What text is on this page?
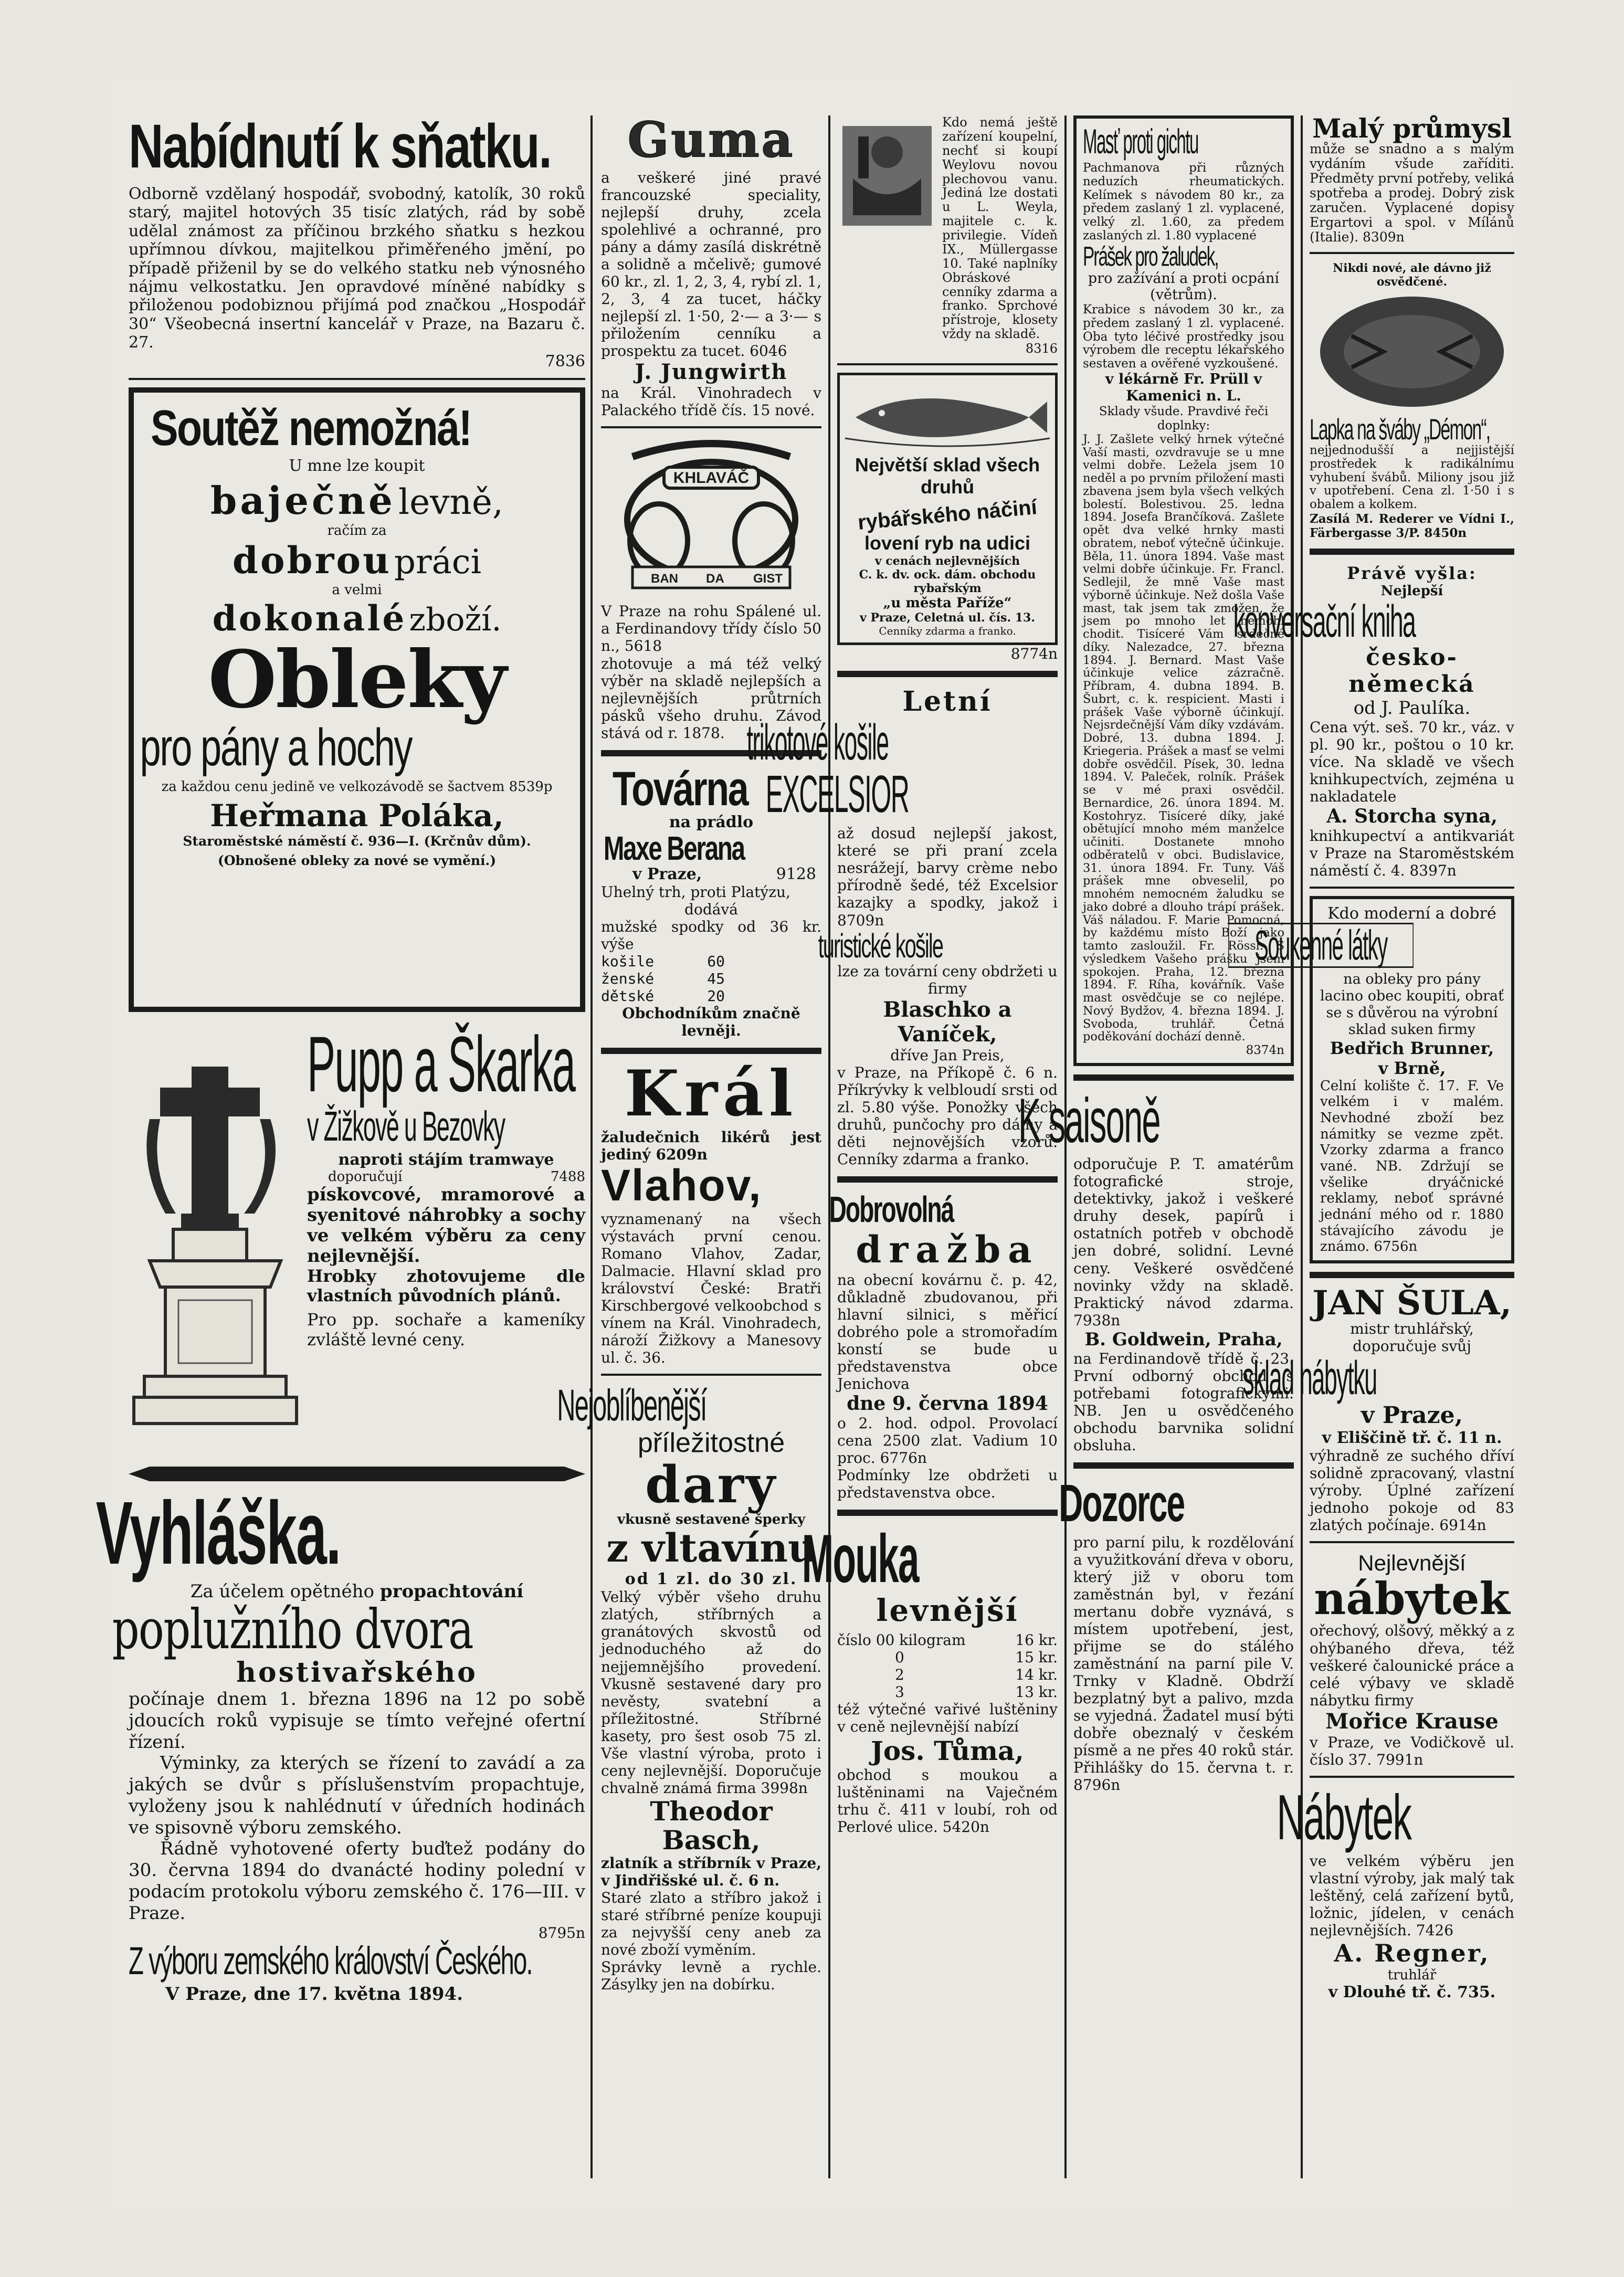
Nabídnutí k sňatku.

Odborně vzdělaný hospodář, svobodný, katolík, 30 roků starý, majitel hotových 35 tisíc zlatých, rád by sobě udělal známost za příčinou brzkého sňatku s hezkou upřímnou dívkou, majitelkou přiměřeného jmění, po případě přiženil by se do velkého statku neb výnosného nájmu velkostatku. Jen opravdové míněné nabídky s přiloženou podobiznou přijímá pod značkou „Hospodář 30“ Všeobecná insertní kancelář v Praze, na Bazaru č. 27.

7836

Soutěž nemožná!
U mne lze koupit
baječně levně,
račím za
dobrou práci
a velmi
dokonalé zboží.
Obleky
pro pány a hochy
za každou cenu jedině ve velkozávodě se šactvem 8539p
Heřmana Poláka,
Staroměstské náměstí č. 936—I. (Krčnův dům).
(Obnošené obleky za nové se vymění.)
Pupp a Škarka
v Žižkově u Bezovky
naproti stájím tramwaye
doporučují	7488

pískovcové, mramorové a syenitové náhrobky a sochy ve velkém výběru za ceny nejlevnější.

Hrobky zhotovujeme dle vlastních původních plánů.

Pro pp. sochaře a kameníky zvláště levné ceny.

Vyhláška.
Za účelem opětného propachtování
poplužního dvora
hostivařského

počínaje dnem 1. března 1896 na 12 po sobě jdoucích roků vypisuje se tímto veřejné ofertní řízení.

Výminky, za kterých se řízení to zavádí a za jakých se dvůr s příslušenstvím propachtuje, vyloženy jsou k nahlédnutí v úředních hodinách ve spisovně výboru zemského.

Řádně vyhotovené oferty buďtež podány do 30. června 1894 do dvanácté hodiny polední v podacím protokolu výboru zemského č. 176—III. v Praze.

8795n

Z výboru zemského království Českého.
V Praze, dne 17. května 1894.
Guma

a veškeré jiné pravé francouzské speciality, nejlepší druhy, zcela spolehlivé a ochranné, pro pány a dámy zasílá diskrétně a solidně a mčelivě; gumové 60 kr., zl. 1, 2, 3, 4, rybí zl. 1, 2, 3, 4 za tucet, háčky nejlepší zl. 1·50, 2·— a 3·— s přiložením cenníku a prospektu za tucet. 6046

J. Jungwirth

na Král. Vinohradech v Palackého třídě čís. 15 nové.

KHLAVÁČ
BAN DA GIST

V Praze na rohu Spálené ul. a Ferdinandovy třídy číslo 50 n., 5618

zhotovuje a má též velký výběr na skladě nejlepších a nejlevnějších průtrních pásků všeho druhu. Závod stává od r. 1878.

Továrna
na prádlo
Maxe Berana
v Praze,	9128

Uhelný trh, proti Platýzu,

dodává

mužské spodky od 36 kr. výše

košile      60
ženské      45
dětské      20

Obchodníkům značně levněji.

Král

žaludečnich likérů jest jediný 6209n

Vlahov,

vyznamenaný na všech výstavách první cenou. Romano Vlahov, Zadar, Dalmacie. Hlavní sklad pro království České: Bratři Kirschbergové velkoobchod s vínem na Král. Vinohradech, nároží Žižkovy a Manesovy ul. č. 36.

Nejoblíbenější
příležitostné
dary
vkusně sestavené šperky
z vltavínu
od 1 zl. do 30 zl.

Velký výběr všeho druhu zlatých, stříbrných a granátových skvostů od jednoduchého až do nejjemnějšího provedení. Vkusně sestavené dary pro nevěsty, svatební a příležitostné. Stříbrné kasety, pro šest osob 75 zl. Vše vlastní výroba, proto i ceny nejlevnější. Doporučuje chvalně známá firma 3998n

Theodor Basch,

zlatník a stříbrník v Praze, v Jindřišské ul. č. 6 n.

Staré zlato a stříbro jakož i staré stříbrné peníze koupuji za nejvyšší ceny aneb za nové zboží vyměním.

Správky levně a rychle. Zásylky jen na dobírku.

Kdo nemá ještě zařízení koupelní, nechť si koupí Weylovu novou plechovou vanu. Jediná lze dostati u L. Weyla, majitele c. k. privilegie. Vídeň IX., Müllergasse 10. Také naplníky Obráskové cenníky zdarma a franko. Sprchové přístroje, klosety vždy na skladě.

8316

Největší sklad všech druhů
rybářského náčiní
lovení ryb na udici
v cenách nejlevnějších
C. k. dv. ock. dám. obchodu rybařským
„u města Paříže“
v Praze, Celetná ul. čís. 13.
Cenníky zdarma a franko.

8774n

Letní
trikotové košile
EXCELSIOR

až dosud nejlepší jakost, které se při praní zcela nesrážejí, barvy crème nebo přírodně šedé, též Excelsior kazajky a spodky, jakož i 8709n

turistické košile

lze za tovární ceny obdržeti u firmy

Blaschko a Vaníček,
dříve Jan Preis,

v Praze, na Příkopě č. 6 n. Příkrývky k velbloudí srsti od zl. 5.80 výše. Ponožky všech druhů, punčochy pro dámy a děti nejnovějších vzorů. Cenníky zdarma a franko.

Dobrovolná
dražba

na obecní kovárnu č. p. 42, důkladně zbudovanou, při hlavní silnici, s měřicí dobrého pole a stromořadím konstí se bude u představenstva obce Jenichova

dne 9. června 1894

o 2. hod. odpol. Provolací cena 2500 zlat. Vadium 10 proc. 6776n

Podmínky lze obdržeti u představenstva obce.

Mouka
levnější
číslo 00 kilogram	16 kr.
0	15 kr.
2	14 kr.
3	13 kr.

též výtečné vařivé luštěniny v ceně nejlevnější nabízí

Jos. Tůma,

obchod s moukou a luštěninami na Vaječném trhu č. 411 v loubí, roh od Perlové ulice. 5420n

Masť proti gichtu

Pachmanova při různých neduzích rheumatických. Kelímek s návodem 80 kr., za předem zaslaný 1 zl. vyplacené, velký zl. 1.60, za předem zaslaných zl. 1.80 vyplacené

Prášek pro žaludek,

pro zažívání a proti ocpání (větrům).

Krabice s návodem 30 kr., za předem zaslaný 1 zl. vyplacené. Oba tyto léčivé prostředky jsou výrobem dle receptu lékařského sestaven a ověřené vyzkoušené.

v lékárně Fr. Prüll v Kamenici n. L.

Sklady všude. Pravdivé řeči doplnky:

J. J. Zašlete velký hrnek výtečné Vaší masti, ozvdravuje se u mne velmi dobře. Ležela jsem 10 neděl a po prvním přiložení masti zbavena jsem byla všech velkých bolestí. Bolestivou. 25. ledna 1894. Josefa Brančíková. Zašlete opět dva velké hrnky masti obratem, neboť výtečně účinkuje. Běla, 11. února 1894. Vaše mast velmi dobře účinkuje. Fr. Francl. Sedlejil, že mně Vaše mast výborně účinkuje. Než došla Vaše mast, tak jsem tak zmožen, že jsem po mnoho let nemohl chodit. Tisíceré Vám srdečné díky. Nalezadce, 27. března 1894. J. Bernard. Mast Vaše účinkuje velice zázračně. Příbram, 4. dubna 1894. B. Šubrt, c. k. respicient. Masti i prášek Vaše výborně účinkují. Nejsrdečnější Vám díky vzdávám. Dobré, 13. dubna 1894. J. Kriegeria. Prášek a masť se velmi dobře osvědčil. Písek, 30. ledna 1894. V. Paleček, rolník. Prášek se v mé praxi osvědčil. Bernardice, 26. února 1894. M. Kostohryz. Tisíceré díky, jaké obětující mnoho mém manželce učiniti. Dostanete mnoho odběratelů v obci. Budislavice, 31. února 1894. Fr. Tuny. Váš prášek mne obveselil, po mnohém nemocném žaludku se jako dobré a dlouho trápí prášek. Váš náladou. F. Marie Pomocná, by každému místo Boží jako tamto zasloužil. Fr. Rössl. S výsledkem Vašeho prášku jsem spokojen. Praha, 12. března 1894. F. Ríha, kovářník. Vaše mast osvědčuje se co nejlépe. Nový Bydžov, 4. března 1894. J. Svoboda, truhlář. Četná poděkování dochází denně.

8374n

K saisoně

odporučuje P. T. amatérům fotografické stroje, detektivky, jakož i veškeré druhy desek, papírů i ostatních potřeb v obchodě jen dobré, solidní. Levné ceny. Veškeré osvědčené novinky vždy na skladě. Praktický návod zdarma. 7938n

B. Goldwein, Praha,

na Ferdinandově třídě č. 23. První odborný obchod s potřebami fotografickými. NB. Jen u osvědčeného obchodu barvnika solidní obsluha.

Dozorce

pro parní pilu, k rozdělování a využitkování dřeva v oboru, který již v oboru tom zaměstnán byl, v řezání mertanu dobře vyznává, s místem upotřebení, jest, přijme se do stálého zaměstnání na parní pile V. Trnky v Kladně. Obdrží bezplatný byt a palivo, mzda se vyjedná. Žadatel musí býti dobře obeznalý v českém písmě a ne přes 40 roků stár. Přihlášky do 15. června t. r. 8796n

Malý průmysl

může se snadno a s malým vydáním všude zaříditi. Předměty první potřeby, veliká spotřeba a prodej. Dobrý zisk zaručen. Vyplacené dopisy Ergartovi a spol. v Mílánů (Italie). 8309n

Nikdi nové, ale dávno již osvědčené.
Lapka na šváby „Démon“,

nejjednodušší a nejjistější prostředek k radikálnímu vyhubení švábů. Miliony jsou již v upotřebení. Cena zl. 1·50 i s obalem a kolkem.

Zasílá M. Rederer ve Vídni I., Färbergasse 3/P. 8450n

Právě vyšla:
Nejlepší
konversační kniha
česko-německá
od J. Paulíka.

Cena výt. seš. 70 kr., váz. v pl. 90 kr., poštou o 10 kr. více. Na skladě ve všech knihkupectvích, zejména u nakladatele

A. Storcha syna,

knihkupectví a antikvariát v Praze na Staroměstském náměstí č. 4. 8397n

Kdo moderní a dobré
Soukenné látky

na obleky pro pány lacino obec koupiti, obrať se s důvěrou na výrobní sklad suken firmy

Bedřich Brunner,
v Brně,

Celní kolište č. 17. F. Ve velkém i v malém. Nevhodné zboží bez námitky se vezme zpět. Vzorky zdarma a franco vané. NB. Zdržují se všelike dryáčnické reklamy, neboť správné jednání mého od r. 1880 stávajícího závodu je známo. 6756n

JAN ŠULA,

mistr truhlářský, doporučuje svůj

sklad nábytku
v Praze,
v Eliščině tř. č. 11 n.

výhradně ze suchého dříví solidně zpracovaný, vlastní výroby. Úplné zařízení jednoho pokoje od 83 zlatých počínaje. 6914n

Nejlevnější
nábytek

ořechový, olšový, měkký a z ohýbaného dřeva, též veškeré čalounické práce a celé výbavy ve skladě nábytku firmy

Mořice Krause

v Praze, ve Vodičkově ul. číslo 37. 7991n

Nábytek

ve velkém výběru jen vlastní výroby, jak malý tak leštěný, celá zařízení bytů, ložnic, jídelen, v cenách nejlevnějších. 7426

A. Regner,
truhlář
v Dlouhé tř. č. 735.
